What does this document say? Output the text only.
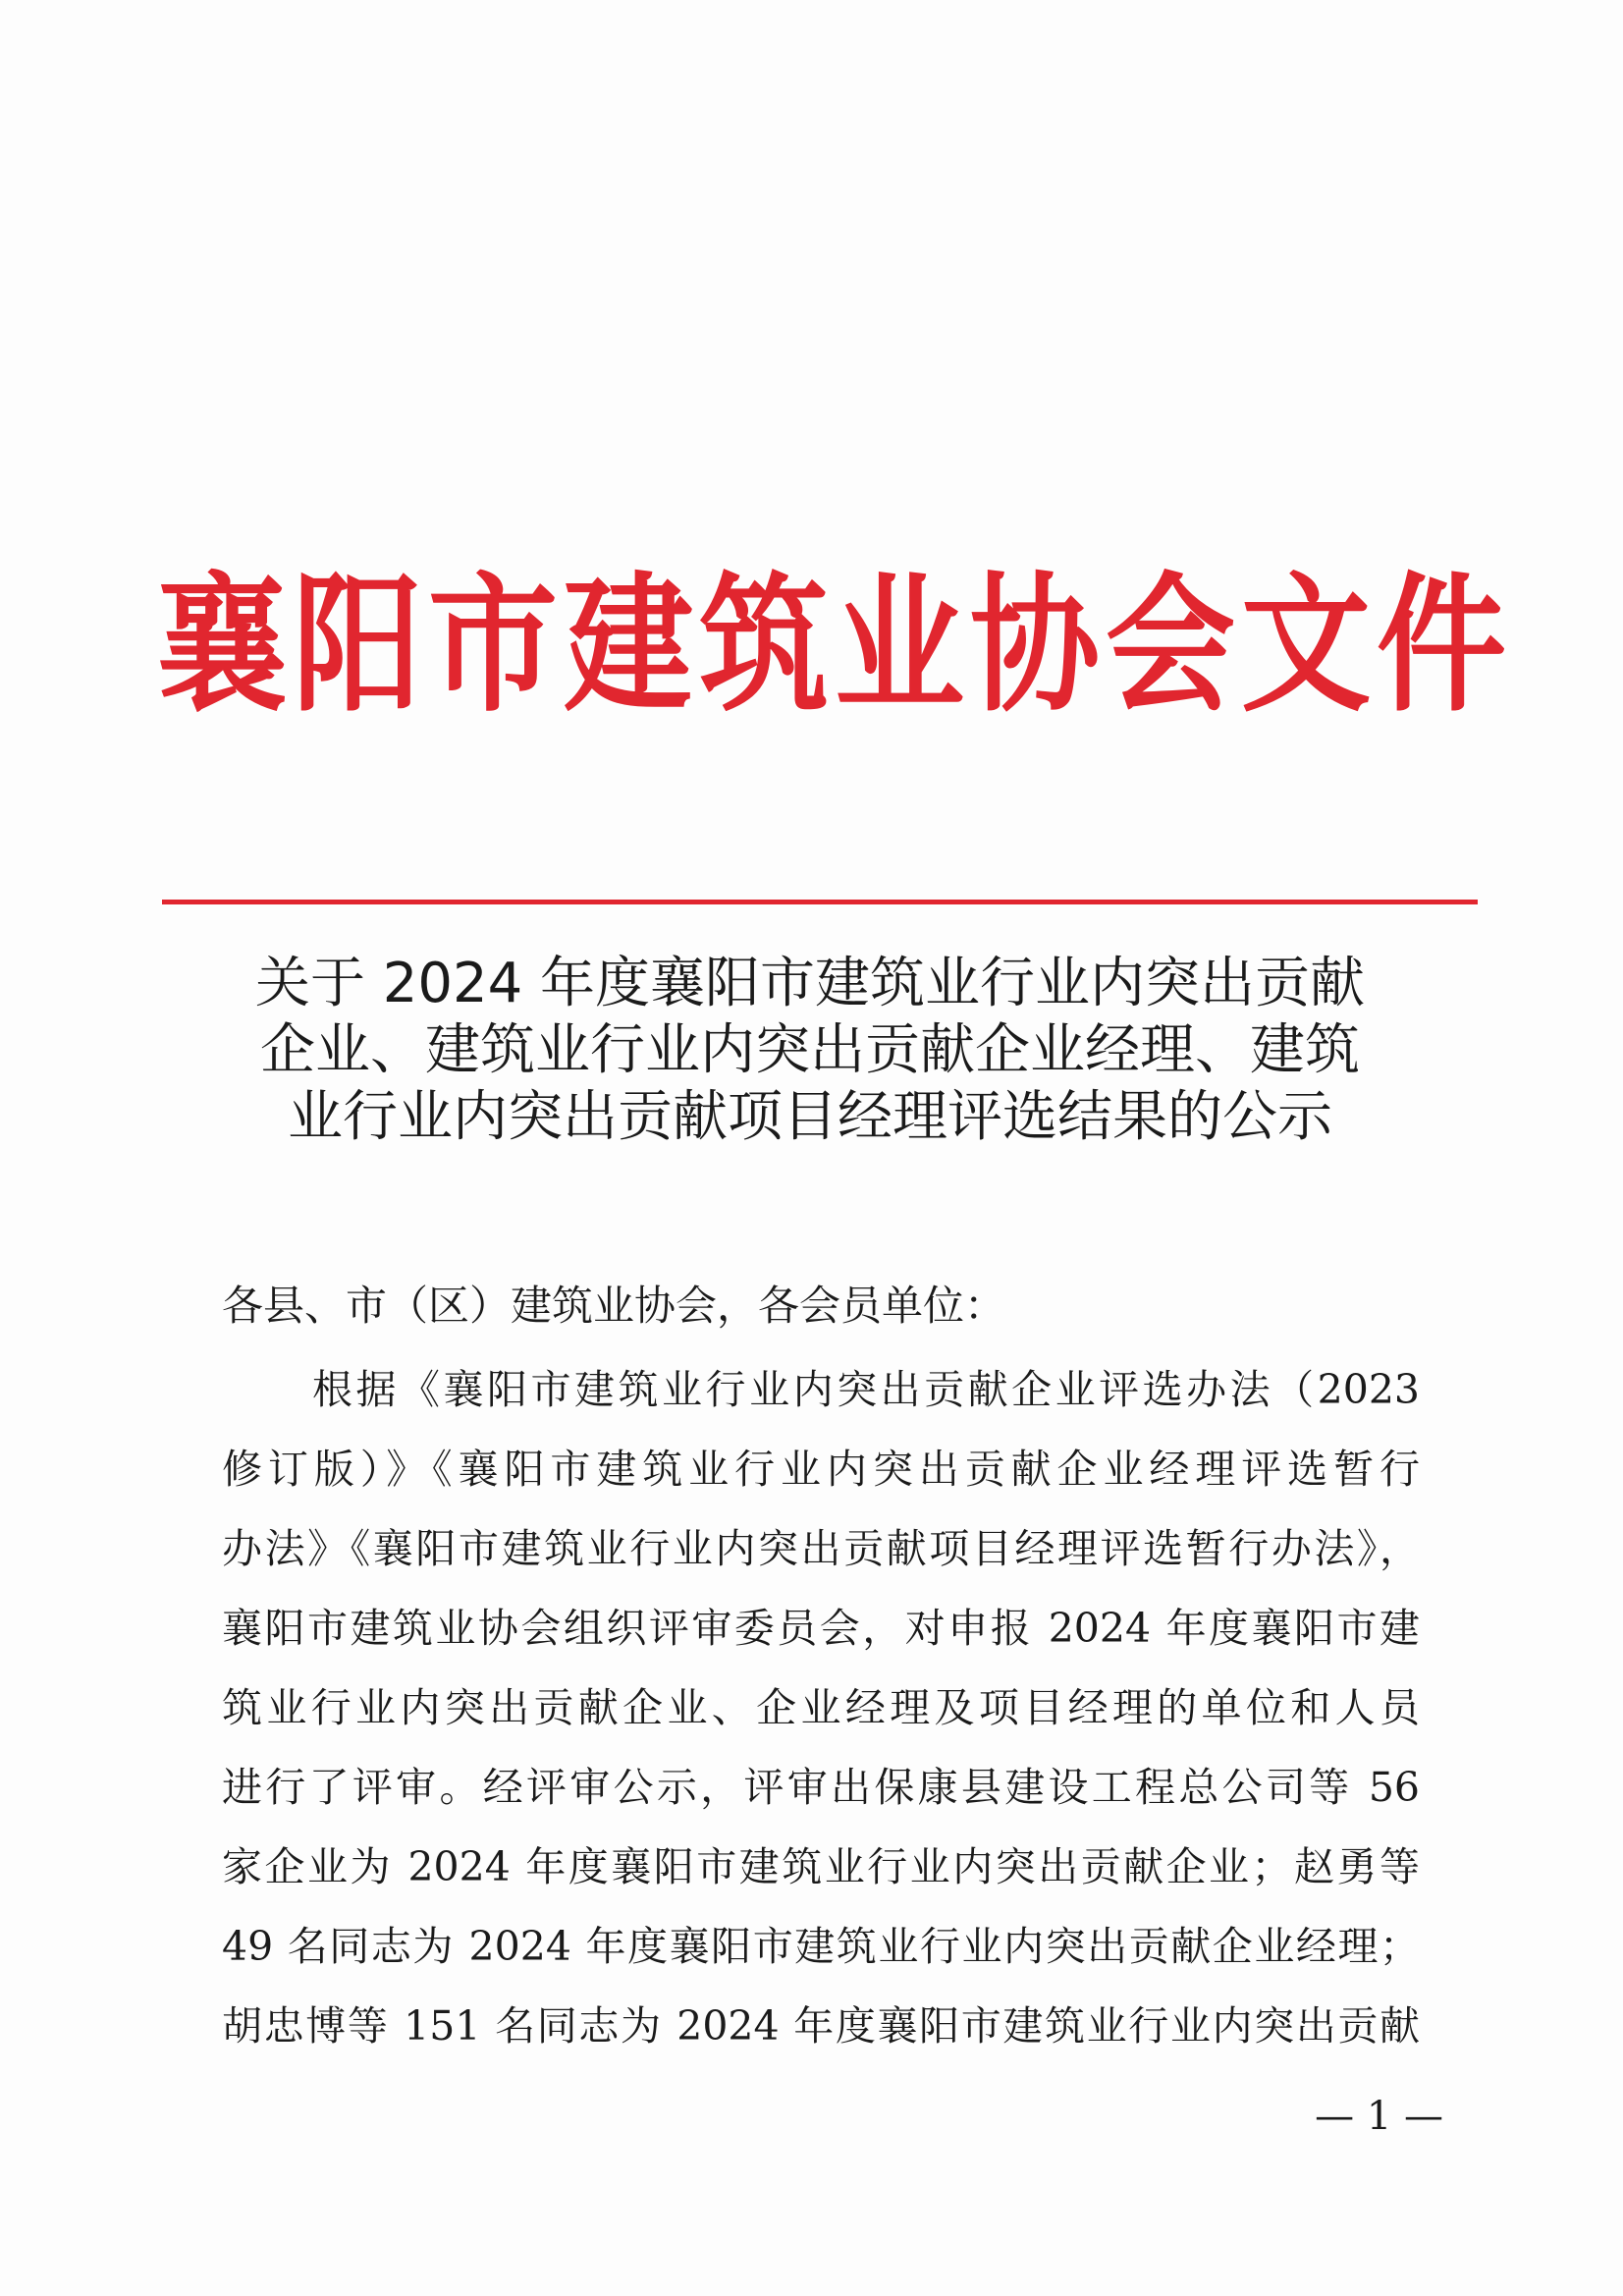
襄阳市建筑业协会文件
关于 2024 年度襄阳市建筑业行业内突出贡献
企业、建筑业行业内突出贡献企业经理、建筑
业行业内突出贡献项目经理评选结果的公示
各县、市（区）建筑业协会，各会员单位：
根据《襄阳市建筑业行业内突出贡献企业评选办法（2023
修订版）》《襄阳市建筑业行业内突出贡献企业经理评选暂行
办法》《襄阳市建筑业行业内突出贡献项目经理评选暂行办法》，
襄阳市建筑业协会组织评审委员会，对申报 2024 年度襄阳市建
筑业行业内突出贡献企业、企业经理及项目经理的单位和人员
进行了评审。经评审公示，评审出保康县建设工程总公司等 56
家企业为 2024 年度襄阳市建筑业行业内突出贡献企业；赵勇等
49 名同志为 2024 年度襄阳市建筑业行业内突出贡献企业经理；
胡忠博等 151 名同志为 2024 年度襄阳市建筑业行业内突出贡献
— 1 —
